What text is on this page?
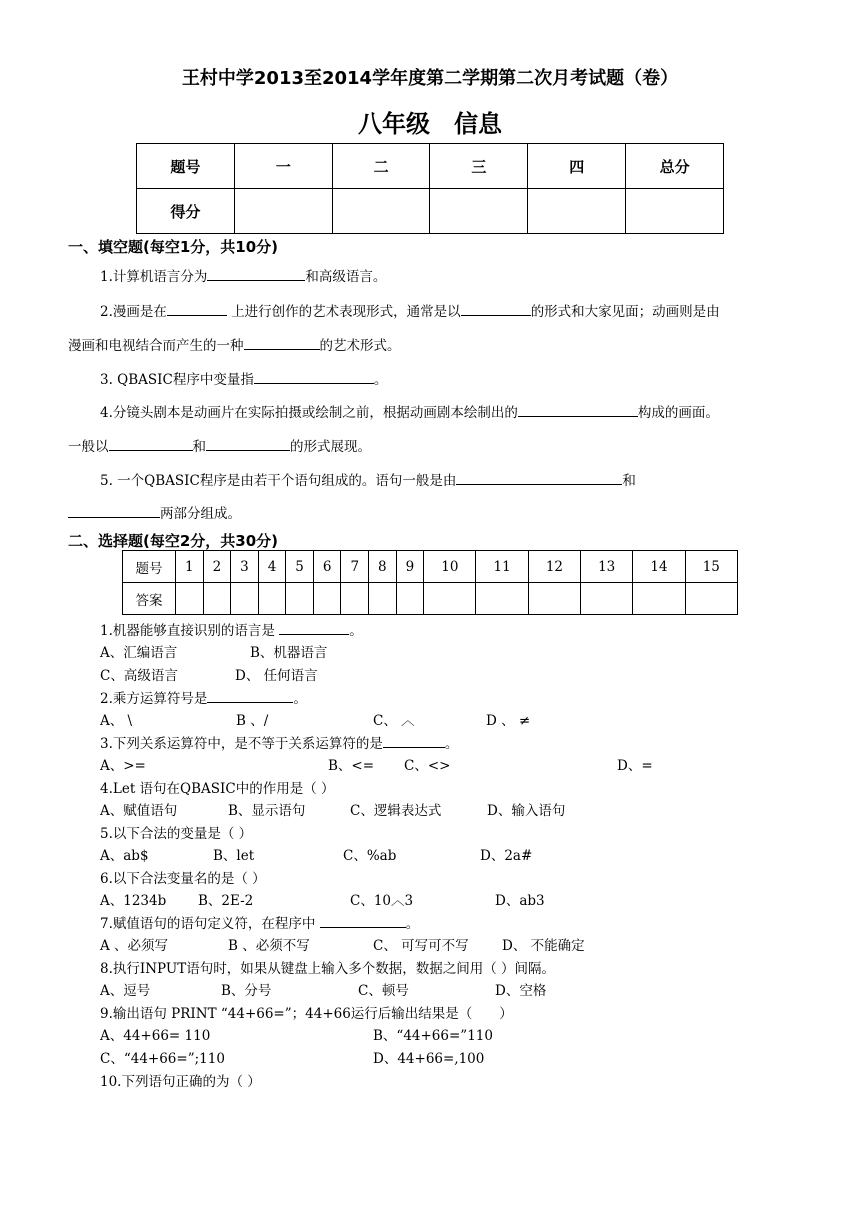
王村中学2013至2014学年度第二学期第二次月考试题（卷）
八年级　信息
题号	一	二	三	四	总分
得分					
一、填空题(每空1分，共10分)
1.计算机语言分为	和高级语言。
2.漫画是在	上进行创作的艺术表现形式，通常是以	的形式和大家见面；动画则是由
漫画和电视结合而产生的一种	的艺术形式。
3. QBASIC程序中变量指	。
4.分镜头剧本是动画片在实际拍摄或绘制之前，根据动画剧本绘制出的	构成的画面。
一般以	和	的形式展现。
5. 一个QBASIC程序是由若干个语句组成的。语句一般是由	和
两部分组成。
二、选择题(每空2分，共30分)
题号	1	2	3	4	5	6	7	8	9	10	11	12	13	14	15
答案															
1.机器能够直接识别的语言是	。
A、汇编语言	B、机器语言
C、高级语言	D、 任何语言
2.乘方运算符号是	。
A、 \	B 、/	C、 ︿	D 、 ≠
3.下列关系运算符中，是不等于关系运算符的是	。
A、>=	B、<= C、<>	D、=
4.Let 语句在QBASIC中的作用是（ ）
A、赋值语句	B、显示语句	C、逻辑表达式	D、输入语句
5.以下合法的变量是（ ）
A、ab$	B、let	C、%ab	D、2a#
6.以下合法变量名的是（ ）
A、1234b B、2E-2	C、10︿3	D、ab3
7.赋值语句的语句定义符，在程序中	。
A 、必须写	B 、必须不写	C、 可写可不写 D、 不能确定
8.执行INPUT语句时，如果从键盘上输入多个数据，数据之间用（ ）间隔。
A、逗号	B、分号	C、顿号	D、空格
9.输出语句 PRINT “44+66=”；44+66运行后输出结果是（　　）
A、44+66= 110	B、“44+66=”110
C、“44+66=”;110	D、44+66=,100
10.下列语句正确的为（ ）
